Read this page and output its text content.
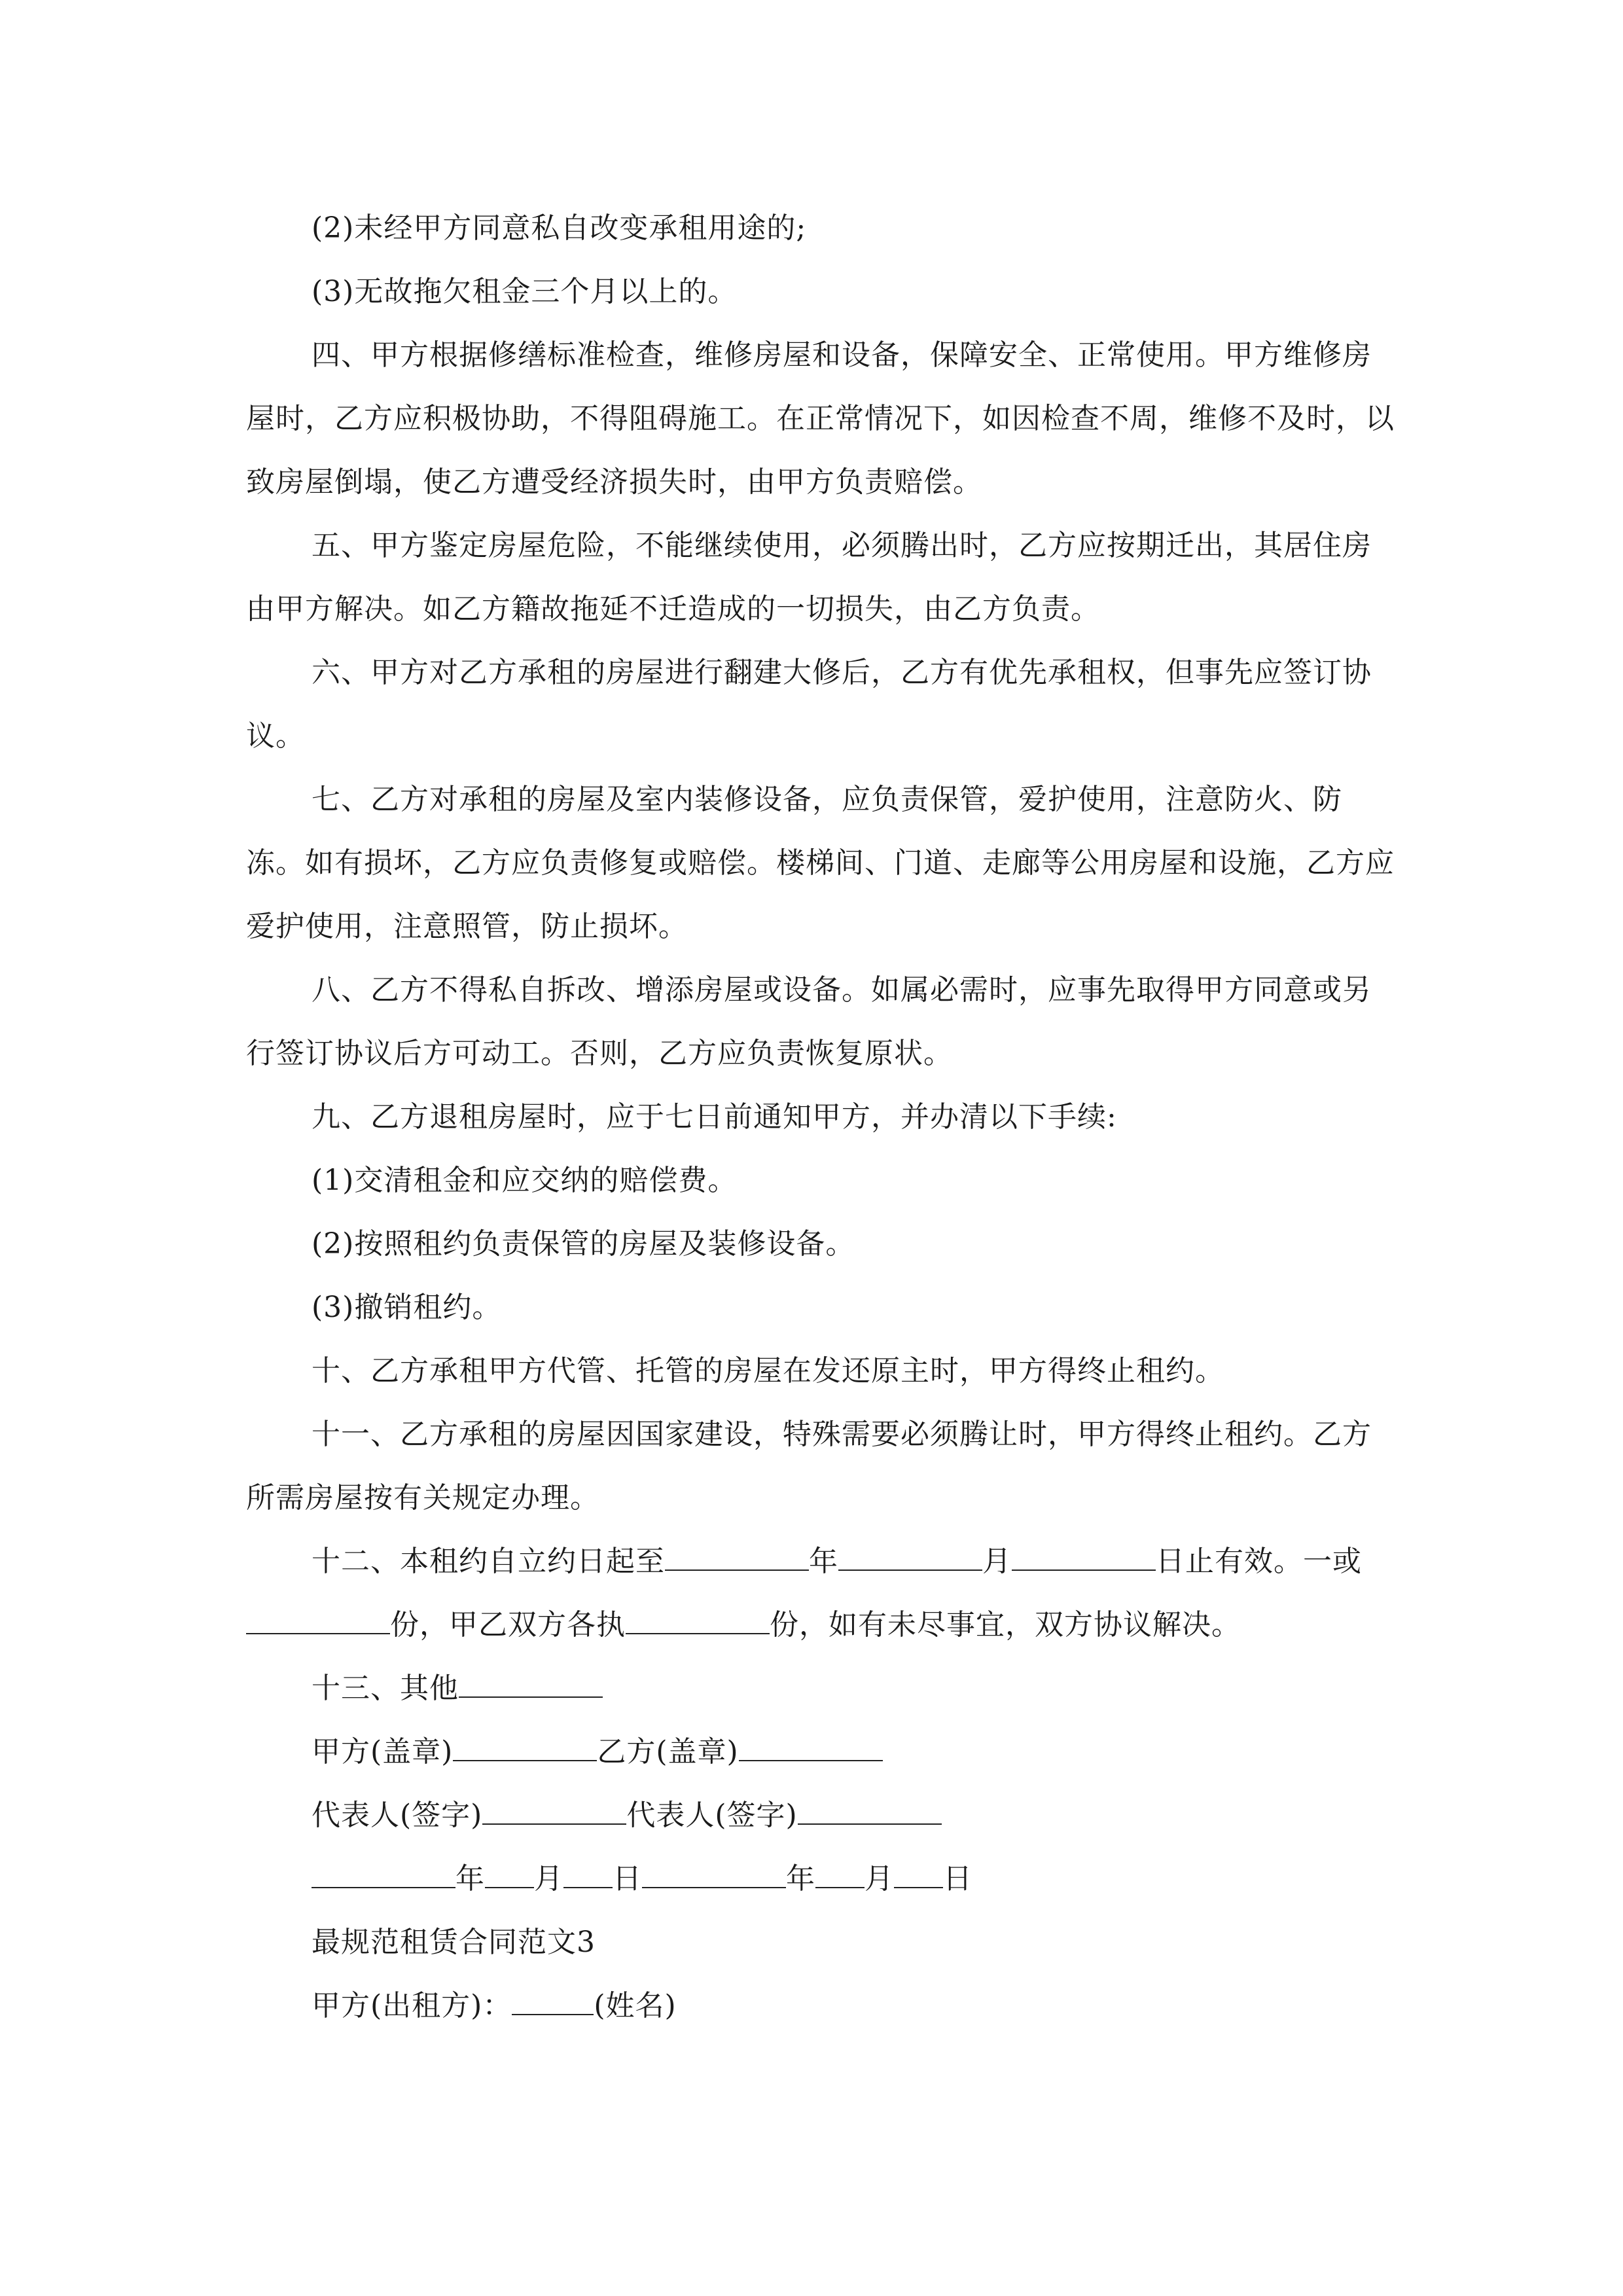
(2)未经甲方同意私自改变承租用途的;

(3)无故拖欠租金三个月以上的。

四、甲方根据修缮标准检查，维修房屋和设备，保障安全、正常使用。甲方维修房屋时，乙方应积极协助，不得阻碍施工。在正常情况下，如因检查不周，维修不及时，以致房屋倒塌，使乙方遭受经济损失时，由甲方负责赔偿。

五、甲方鉴定房屋危险，不能继续使用，必须腾出时，乙方应按期迁出，其居住房由甲方解决。如乙方籍故拖延不迁造成的一切损失，由乙方负责。

六、甲方对乙方承租的房屋进行翻建大修后，乙方有优先承租权，但事先应签订协议。

七、乙方对承租的房屋及室内装修设备，应负责保管，爱护使用，注意防火、防冻。如有损坏，乙方应负责修复或赔偿。楼梯间、门道、走廊等公用房屋和设施，乙方应爱护使用，注意照管，防止损坏。

八、乙方不得私自拆改、增添房屋或设备。如属必需时，应事先取得甲方同意或另行签订协议后方可动工。否则，乙方应负责恢复原状。

九、乙方退租房屋时，应于七日前通知甲方，并办清以下手续:

(1)交清租金和应交纳的赔偿费。

(2)按照租约负责保管的房屋及装修设备。

(3)撤销租约。

十、乙方承租甲方代管、托管的房屋在发还原主时，甲方得终止租约。

十一、乙方承租的房屋因国家建设，特殊需要必须腾让时，甲方得终止租约。乙方所需房屋按有关规定办理。

十二、本租约自立约日起至	年	月	日止有效。一或份，甲乙双方各执	份，如有未尽事宜，双方协议解决。

十三、其他

甲方(盖章)	乙方(盖章)

代表人(签字)	代表人(签字)

年 月 日	年 月 日

最规范租赁合同范文3

甲方(出租方)：	(姓名)
